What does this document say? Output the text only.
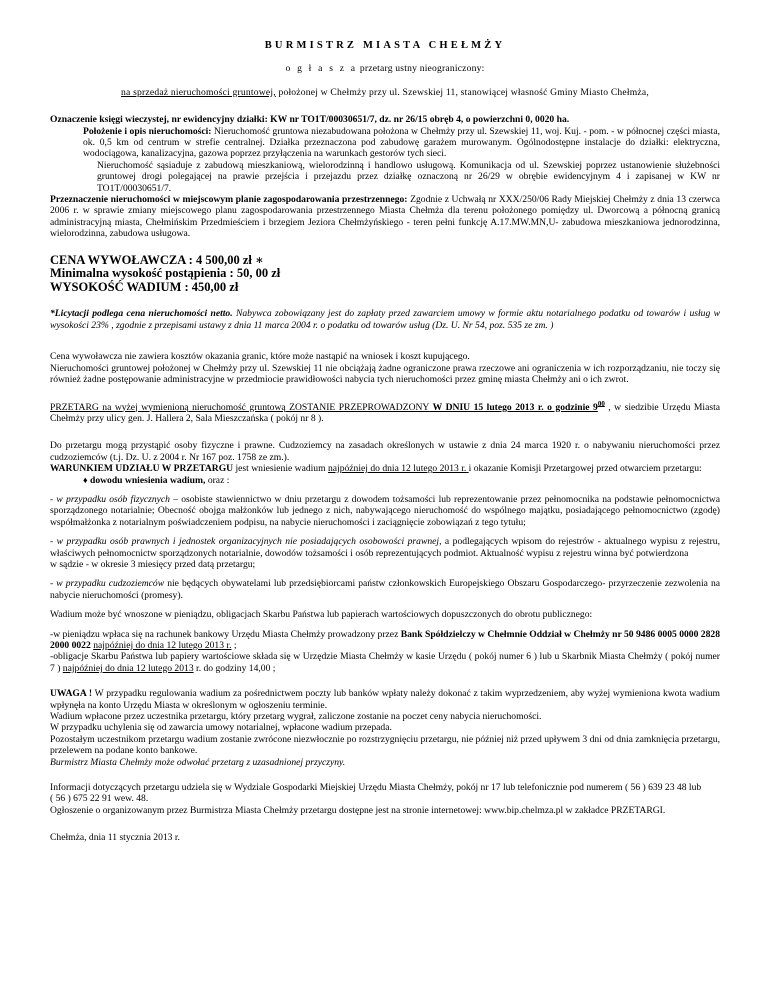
BURMISTRZ MIASTA CHEŁMŻY
o g ł a s z a przetarg ustny nieograniczony:
na sprzedaż nieruchomości gruntowej, położonej w Chełmży przy ul. Szewskiej 11, stanowiącej własność Gminy Miasto Chełmża,

Oznaczenie księgi wieczystej, nr ewidencyjny działki: KW nr TO1T/00030651/7, dz. nr 26/15 obręb 4, o powierzchni 0, 0020 ha.

Położenie i opis nieruchomości: Nieruchomość gruntowa niezabudowana położona w Chełmży przy ul. Szewskiej 11, woj. Kuj. - pom. - w północnej części miasta, ok. 0,5 km od centrum w strefie centralnej. Działka przeznaczona pod zabudowę garażem murowanym. Ogólnodostępne instalacje do działki: elektryczna, wodociągowa, kanalizacyjna, gazowa poprzez przyłączenia na warunkach gestorów tych sieci.

Nieruchomość sąsiaduje z zabudową mieszkaniową, wielorodzinną i handlowo usługową. Komunikacja od ul. Szewskiej poprzez ustanowienie służebności gruntowej drogi polegającej na prawie przejścia i przejazdu przez działkę oznaczoną nr 26/29 w obrębie ewidencyjnym 4 i zapisanej w KW nr TO1T/00030651/7.

Przeznaczenie nieruchomości w miejscowym planie zagospodarowania przestrzennego: Zgodnie z Uchwałą nr XXX/250/06 Rady Miejskiej Chełmży z dnia 13 czerwca 2006 r. w sprawie zmiany miejscowego planu zagospodarowania przestrzennego Miasta Chełmża dla terenu położonego pomiędzy ul. Dworcową a północną granicą administracyjną miasta, Chełmińskim Przedmieściem i brzegiem Jeziora Chełmżyńskiego - teren pełni funkcję A.17.MW.MN,U- zabudowa mieszkaniowa jednorodzinna, wielorodzinna, zabudowa usługowa.

CENA WYWOŁAWCZA : 4 500,00 zł ∗
Minimalna wysokość postąpienia : 50, 00 zł
WYSOKOŚĆ WADIUM : 450,00 zł

*Licytacji podlega cena nieruchomości netto. Nabywca zobowiązany jest do zapłaty przed zawarciem umowy w formie aktu notarialnego podatku od towarów i usług w wysokości 23% , zgodnie z przepisami ustawy z dnia 11 marca 2004 r. o podatku od towarów usług (Dz. U. Nr 54, poz. 535 ze zm. )

Cena wywoławcza nie zawiera kosztów okazania granic, które może nastąpić na wniosek i koszt kupującego.

Nieruchomości gruntowej położonej w Chełmży przy ul. Szewskiej 11 nie obciążają żadne ograniczone prawa rzeczowe ani ograniczenia w ich rozporządzaniu, nie toczy się również żadne postępowanie administracyjne w przedmiocie prawidłowości nabycia tych nieruchomości przez gminę miasta Chełmży ani o ich zwrot.

PRZETARG na wyżej wymienioną nieruchomość gruntową ZOSTANIE PRZEPROWADZONY W DNIU 15 lutego 2013 r. o godzinie $9^{00}$ , w siedzibie Urzędu Miasta Chełmży przy ulicy gen. J. Hallera 2, Sala Mieszczańska ( pokój nr 8 ).

Do przetargu mogą przystąpić osoby fizyczne i prawne. Cudzoziemcy na zasadach określonych w ustawie z dnia 24 marca 1920 r. o nabywaniu nieruchomości przez cudzoziemców (t.j. Dz. U. z 2004 r. Nr 167 poz. 1758 ze zm.).

WARUNKIEM UDZIAŁU W PRZETARGU jest wniesienie wadium najpóźniej do dnia 12 lutego 2013 r. i okazanie Komisji Przetargowej przed otwarciem przetargu:

♦ dowodu wniesienia wadium, oraz :

- w przypadku osób fizycznych – osobiste stawiennictwo w dniu przetargu z dowodem tożsamości lub reprezentowanie przez pełnomocnika na podstawie pełnomocnictwa sporządzonego notarialnie; Obecność obojga małżonków lub jednego z nich, nabywającego nieruchomość do wspólnego majątku, posiadającego pełnomocnictwo (zgodę) współmałżonka z notarialnym poświadczeniem podpisu, na nabycie nieruchomości i zaciągnięcie zobowiązań z tego tytułu;

- w przypadku osób prawnych i jednostek organizacyjnych nie posiadających osobowości prawnej, a podlegających wpisom do rejestrów - aktualnego wypisu z rejestru, właściwych pełnomocnictw sporządzonych notarialnie, dowodów tożsamości i osób reprezentujących podmiot. Aktualność wypisu z rejestru winna być potwierdzona

w sądzie - w okresie 3 miesięcy przed datą przetargu;

- w przypadku cudzoziemców nie będących obywatelami lub przedsiębiorcami państw członkowskich Europejskiego Obszaru Gospodarczego- przyrzeczenie zezwolenia na nabycie nieruchomości (promesy).

Wadium może być wnoszone w pieniądzu, obligacjach Skarbu Państwa lub papierach wartościowych dopuszczonych do obrotu publicznego:

-w pieniądzu wpłaca się na rachunek bankowy Urzędu Miasta Chełmży prowadzony przez Bank Spółdzielczy w Chełmnie Oddział w Chełmży nr 50 9486 0005 0000 2828 2000 0022 najpóźniej do dnia 12 lutego 2013 r. ;

-obligacje Skarbu Państwa lub papiery wartościowe składa się w Urzędzie Miasta Chełmży w kasie Urzędu ( pokój numer 6 ) lub u Skarbnik Miasta Chełmży ( pokój numer 7 ) najpóźniej do dnia 12 lutego 2013 r. do godziny 14,00 ;

UWAGA ! W przypadku regulowania wadium za pośrednictwem poczty lub banków wpłaty należy dokonać z takim wyprzedzeniem, aby wyżej wymieniona kwota wadium wpłynęła na konto Urzędu Miasta w określonym w ogłoszeniu terminie.

Wadium wpłacone przez uczestnika przetargu, który przetarg wygrał, zaliczone zostanie na poczet ceny nabycia nieruchomości.

W przypadku uchylenia się od zawarcia umowy notarialnej, wpłacone wadium przepada.

Pozostałym uczestnikom przetargu wadium zostanie zwrócone niezwłocznie po rozstrzygnięciu przetargu, nie później niż przed upływem 3 dni od dnia zamknięcia przetargu, przelewem na podane konto bankowe.

Burmistrz Miasta Chełmży może odwołać przetarg z uzasadnionej przyczyny.

Informacji dotyczących przetargu udziela się w Wydziale Gospodarki Miejskiej Urzędu Miasta Chełmży, pokój nr 17 lub telefonicznie pod numerem ( 56 ) 639 23 48 lub
( 56 ) 675 22 91 wew. 48.

Ogłoszenie o organizowanym przez Burmistrza Miasta Chełmży przetargu dostępne jest na stronie internetowej: www.bip.chelmza.pl w zakładce PRZETARGI.

Chełmża, dnia 11 stycznia 2013 r.
